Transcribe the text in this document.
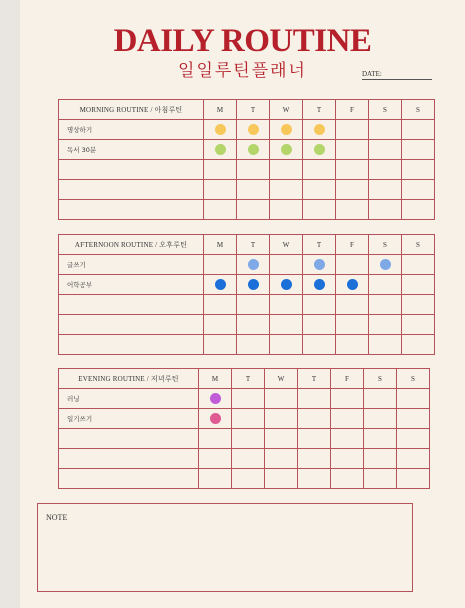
DAILY ROUTINE
일일루틴플래너	DATE:
MORNING ROUTINE / 아침루틴	M	T	W	T	F	S	S
명상하기							
독서 30분							

AFTERNOON ROUTINE / 오후루틴	M	T	W	T	F	S	S
글쓰기							
어학공부							

EVENING ROUTINE / 저녁루틴	M	T	W	T	F	S	S
러닝							
일기쓰기							

NOTE
